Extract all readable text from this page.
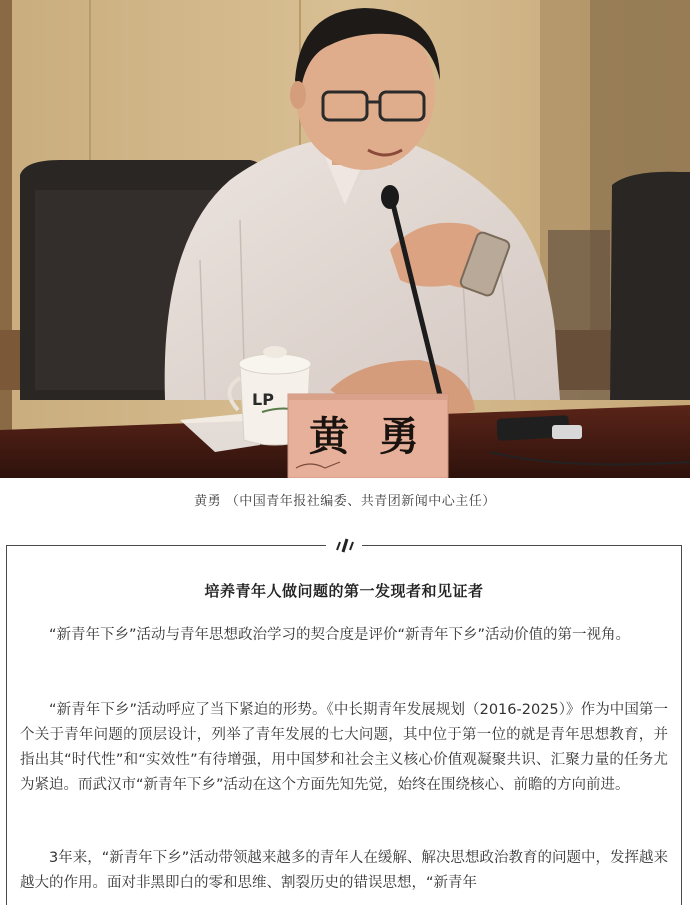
LP
黄 勇
黄勇 （中国青年报社编委、共青团新闻中心主任）
培养青年人做问题的第一发现者和见证者

“新青年下乡”活动与青年思想政治学习的契合度是评价“新青年下乡”活动价值的第一视角。

“新青年下乡”活动呼应了当下紧迫的形势。《中长期青年发展规划（2016-2025）》作为中国第一个关于青年问题的顶层设计，列举了青年发展的七大问题，其中位于第一位的就是青年思想教育，并指出其“时代性”和“实效性”有待增强，用中国梦和社会主义核心价值观凝聚共识、汇聚力量的任务尤为紧迫。而武汉市“新青年下乡”活动在这个方面先知先觉，始终在围绕核心、前瞻的方向前进。

3年来，“新青年下乡”活动带领越来越多的青年人在缓解、解决思想政治教育的问题中，发挥越来越大的作用。面对非黑即白的零和思维、割裂历史的错误思想，“新青年
